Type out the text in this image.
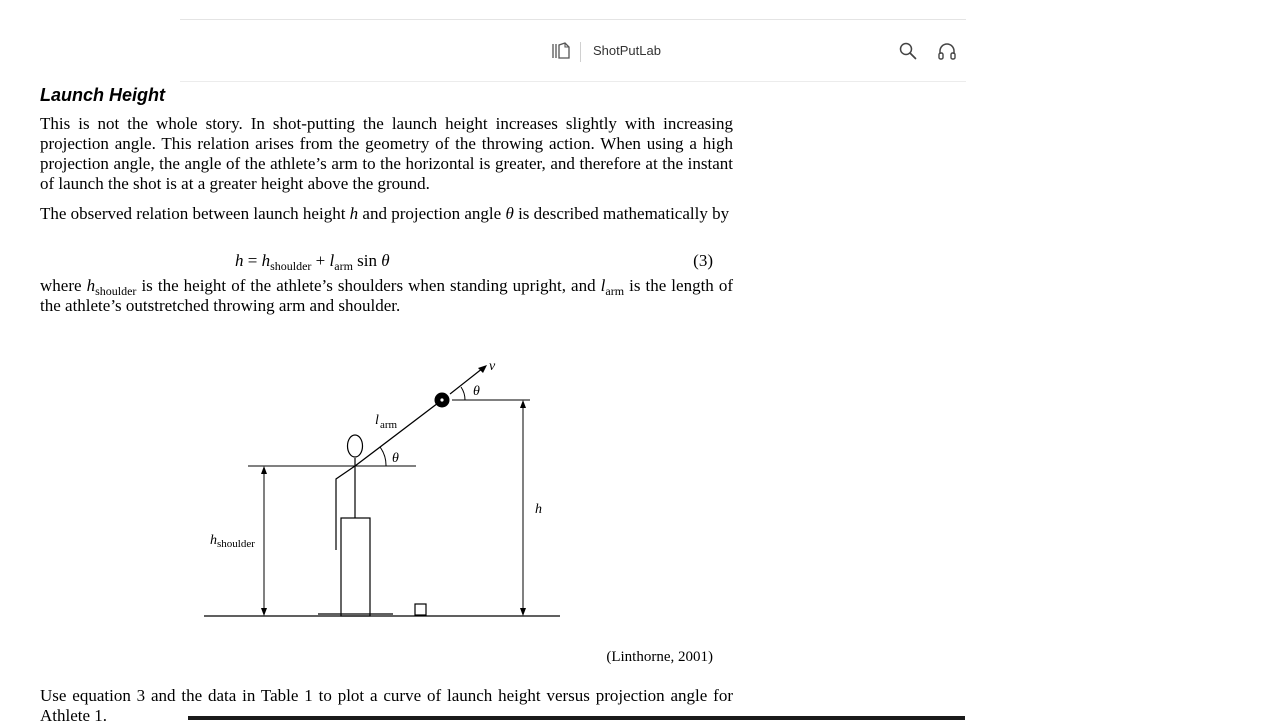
ShotPutLab
Launch Height
This is not the whole story. In shot-putting the launch height increases slightly with increasing projection angle. This relation arises from the geometry of the throwing action. When using a high projection angle, the angle of the athlete’s arm to the horizontal is greater, and therefore at the instant of launch the shot is at a greater height above the ground.
The observed relation between launch height h and projection angle θ is described mathematically by
$h = h_{shoulder} + l_{arm}$ sin θ	(3)
where $h_{shoulder}$ is the height of the athlete’s shoulders when standing upright, and $l_{arm}$ is the length of the athlete’s outstretched throwing arm and shoulder.
v
θ
θ
l arm
h shoulder
h
(Linthorne, 2001)
Use equation 3 and the data in Table 1 to plot a curve of launch height versus projection angle for Athlete 1.
